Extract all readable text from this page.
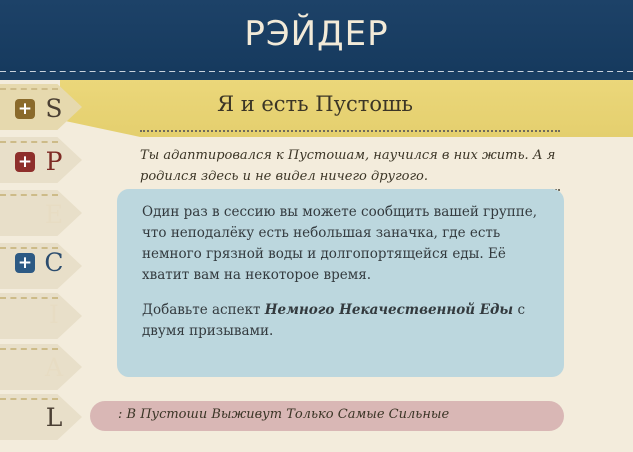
РЭЙДЕР
Я и есть Пустошь
Ты адаптировался к Пустошам, научился в них жить. А я родился здесь и не видел ничего другого.
Один раз в сессию вы можете сообщить вашей группе, что неподалёку есть небольшая заначка, где есть немного грязной воды и долгопортящейся еды. Её хватит вам на некоторое время.
Добавьте аспект Немного Некачественной Еды с двумя призывами.
: В Пустоши Выживут Только Самые Сильные
+ S
+ P
E
+ C
I
A
L
